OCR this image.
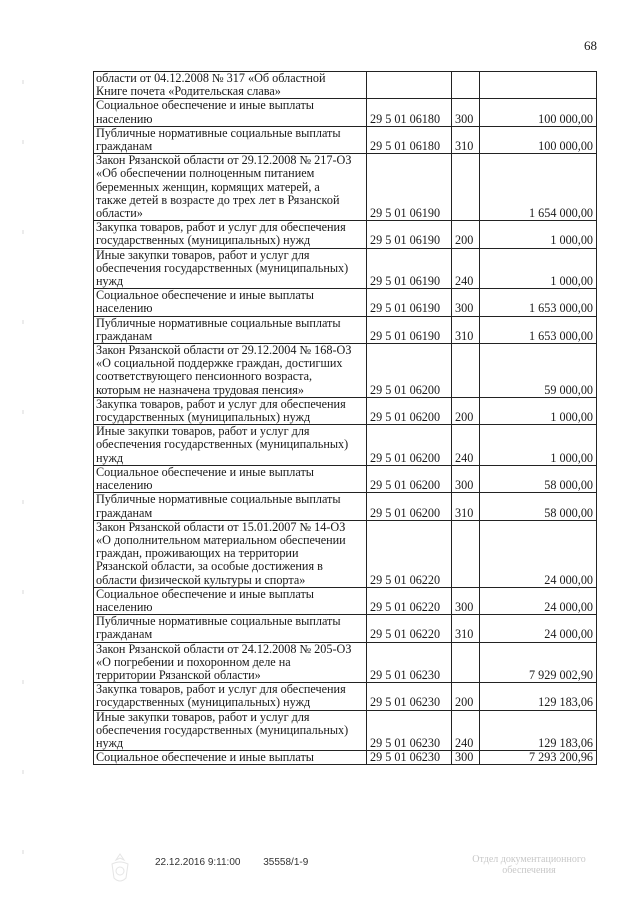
68
области от 04.12.2008 № 317 «Об областной
Книге почета «Родительская слава»			
Социальное обеспечение и иные выплаты
населению	29 5 01 06180	300	100 000,00
Публичные нормативные социальные выплаты
гражданам	29 5 01 06180	310	100 000,00
Закон Рязанской области от 29.12.2008 № 217-ОЗ
«Об обеспечении полноценным питанием
беременных женщин, кормящих матерей, а
также детей в возрасте до трех лет в Рязанской
области»	29 5 01 06190		1 654 000,00
Закупка товаров, работ и услуг для обеспечения
государственных (муниципальных) нужд	29 5 01 06190	200	1 000,00
Иные закупки товаров, работ и услуг для
обеспечения государственных (муниципальных)
нужд	29 5 01 06190	240	1 000,00
Социальное обеспечение и иные выплаты
населению	29 5 01 06190	300	1 653 000,00
Публичные нормативные социальные выплаты
гражданам	29 5 01 06190	310	1 653 000,00
Закон Рязанской области от 29.12.2004 № 168-ОЗ
«О социальной поддержке граждан, достигших
соответствующего пенсионного возраста,
которым не назначена трудовая пенсия»	29 5 01 06200		59 000,00
Закупка товаров, работ и услуг для обеспечения
государственных (муниципальных) нужд	29 5 01 06200	200	1 000,00
Иные закупки товаров, работ и услуг для
обеспечения государственных (муниципальных)
нужд	29 5 01 06200	240	1 000,00
Социальное обеспечение и иные выплаты
населению	29 5 01 06200	300	58 000,00
Публичные нормативные социальные выплаты
гражданам	29 5 01 06200	310	58 000,00
Закон Рязанской области от 15.01.2007 № 14-ОЗ
«О дополнительном материальном обеспечении
граждан, проживающих на территории
Рязанской области, за особые достижения в
области физической культуры и спорта»	29 5 01 06220		24 000,00
Социальное обеспечение и иные выплаты
населению	29 5 01 06220	300	24 000,00
Публичные нормативные социальные выплаты
гражданам	29 5 01 06220	310	24 000,00
Закон Рязанской области от 24.12.2008 № 205-ОЗ
«О погребении и похоронном деле на
территории Рязанской области»	29 5 01 06230		7 929 002,90
Закупка товаров, работ и услуг для обеспечения
государственных (муниципальных) нужд	29 5 01 06230	200	129 183,06
Иные закупки товаров, работ и услуг для
обеспечения государственных (муниципальных)
нужд	29 5 01 06230	240	129 183,06
Социальное обеспечение и иные выплаты	29 5 01 06230	300	7 293 200,96
22.12.2016 9:11:00 35558/1-9	Отдел документационного
обеспечения
